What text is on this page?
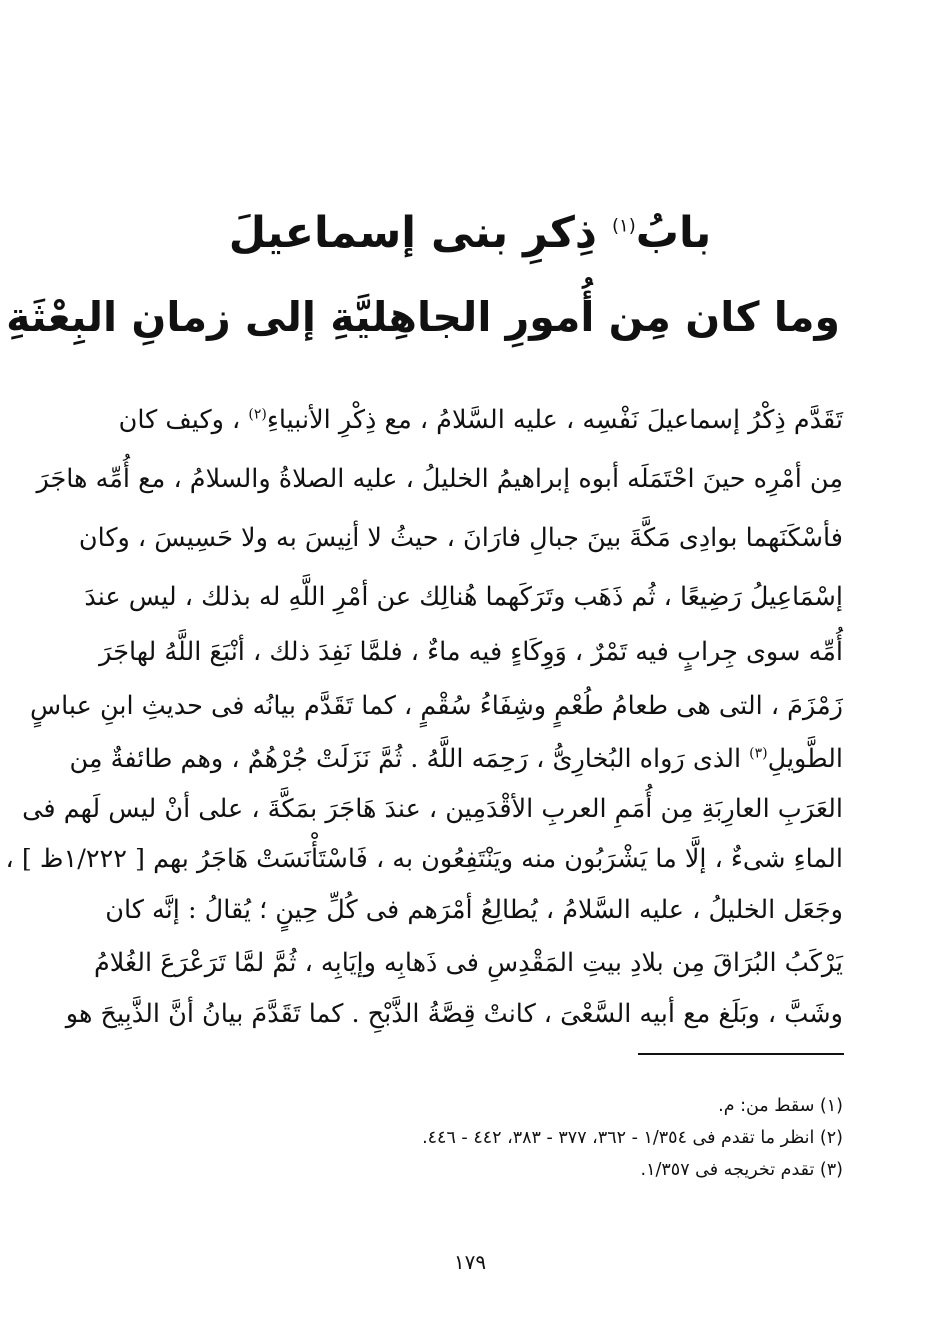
بابُ$^{(١)}$ ذِكرِ بنى إسماعيلَ
وما كان مِن أُمورِ الجاهِليَّةِ إلى زمانِ البِعْثَةِ
تَقَدَّم ذِكْرُ إسماعيلَ نَفْسِه ، عليه السَّلامُ ، مع ذِكْرِ الأنبياءِ$^{(٢)}$ ، وكيف كان
مِن أمْرِه حينَ احْتَمَلَه أبوه إبراهيمُ الخليلُ ، عليه الصلاةُ والسلامُ ، مع أُمِّه هاجَرَ
فأسْكَنَهما بوادِى مَكَّةَ بينَ جبالِ فارَانَ ، حيثُ لا أنِيسَ به ولا حَسِيسَ ، وكان
إسْمَاعِيلُ رَضِيعًا ، ثُم ذَهَب وتَرَكَهما هُنالِك عن أمْرِ اللَّهِ له بذلك ، ليس عندَ
أُمِّه سوى جِرابٍ فيه تَمْرٌ ، وَوِكَاءٍ فيه ماءٌ ، فلمَّا نَفِدَ ذلك ، أنْبَعَ اللَّهُ لهاجَرَ
زَمْزَمَ ، التى هى طعامُ طُعْمٍ وشِفَاءُ سُقْمٍ ، كما تَقَدَّم بيانُه فى حديثِ ابنِ عباسٍ
الطَّويلِ$^{(٣)}$ الذى رَواه البُخارِىُّ ، رَحِمَه اللَّهُ . ثُمَّ نَزَلَتْ جُرْهُمٌ ، وهم طائفةٌ مِن
العَرَبِ العارِبَةِ مِن أُمَمِ العربِ الأقْدَمِين ، عندَ هَاجَرَ بمَكَّةَ ، على أنْ ليس لَهم فى
الماءِ شىءٌ ، إلَّا ما يَشْرَبُون منه ويَنْتَفِعُون به ، فَاسْتَأْنَسَتْ هَاجَرُ بهم [ ١/٢٢٢ظ ] ،
وجَعَل الخليلُ ، عليه السَّلامُ ، يُطالِعُ أمْرَهم فى كُلِّ حِينٍ ؛ يُقالُ : إنَّه كان
يَرْكَبُ البُرَاقَ مِن بلادِ بيتِ المَقْدِسِ فى ذَهابِه وإيَابِه ، ثُمَّ لمَّا تَرَعْرَعَ الغُلامُ
وشَبَّ ، وبَلَغ مع أبيه السَّعْىَ ، كانتْ قِصَّةُ الذَّبْحِ . كما تَقَدَّمَ بيانُ أنَّ الذَّبِيحَ هو
(١) سقط من: م.
(٢) انظر ما تقدم فى ١/٣٥٤ - ٣٦٢، ٣٧٧ - ٣٨٣، ٤٤٢ - ٤٤٦.
(٣) تقدم تخريجه فى ١/٣٥٧.
١٧٩
